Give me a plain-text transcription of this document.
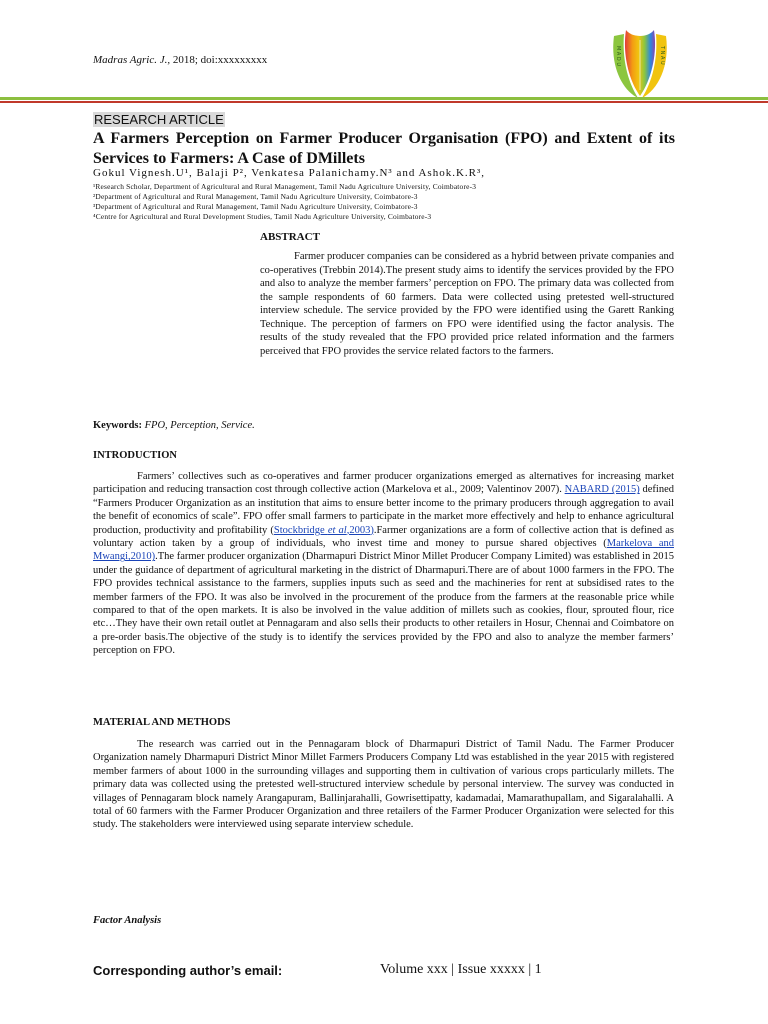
Madras Agric. J., 2018; doi:xxxxxxxxx	M A D U	T N A U
RESEARCH ARTICLE
A Farmers Perception on Farmer Producer Organisation (FPO) and Extent of its Services to Farmers: A Case of DMillets
Gokul Vignesh.U¹, Balaji P², Venkatesa Palanichamy.N³ and Ashok.K.R³,
¹Research Scholar, Department of Agricultural and Rural Management, Tamil Nadu Agriculture University, Coimbatore-3
²Department of Agricultural and Rural Management, Tamil Nadu Agriculture University, Coimbatore-3
³Department of Agricultural and Rural Management, Tamil Nadu Agriculture University, Coimbatore-3
⁴Centre for Agricultural and Rural Development Studies, Tamil Nadu Agriculture University, Coimbatore-3
ABSTRACT
Farmer producer companies can be considered as a hybrid between private companies and co-operatives (Trebbin 2014).The present study aims to identify the services provided by the FPO and also to analyze the member farmers’ perception on FPO. The primary data was collected from the sample respondents of 60 farmers. Data were collected using pretested well-structured interview schedule. The service provided by the FPO were identified using the Garett Ranking Technique. The perception of farmers on FPO were identified using the factor analysis. The results of the study revealed that the FPO provided price related information and the farmers perceived that FPO provides the service related factors to the farmers.
Keywords: FPO, Perception, Service.
INTRODUCTION
Farmers’ collectives such as co-operatives and farmer producer organizations emerged as alternatives for increasing market participation and reducing transaction cost through collective action (Markelova et al., 2009; Valentinov 2007). NABARD (2015) defined “Farmers Producer Organization as an institution that aims to ensure better income to the primary producers through aggregation to avail the benefit of economics of scale”. FPO offer small farmers to participate in the market more effectively and help to enhance agricultural production, productivity and profitability (Stockbridge et al,2003).Farmer organizations are a form of collective action that is defined as voluntary action taken by a group of individuals, who invest time and money to pursue shared objectives (Markelova and Mwangi,2010).The farmer producer organization (Dharmapuri District Minor Millet Producer Company Limited) was established in 2015 under the guidance of department of agricultural marketing in the district of Dharmapuri.There are of about 1000 farmers in the FPO. The FPO provides technical assistance to the farmers, supplies inputs such as seed and the machineries for rent at subsidised rates to the member farmers of the FPO. It was also be involved in the procurement of the produce from the farmers at the reasonable price while compared to that of the open markets. It is also be involved in the value addition of millets such as cookies, flour, sprouted flour, rice etc…They have their own retail outlet at Pennagaram and also sells their products to other retailers in Hosur, Chennai and Coimbatore on a pre-order basis.The objective of the study is to identify the services provided by the FPO and also to analyze the member farmers’ perception on FPO.
MATERIAL AND METHODS
The research was carried out in the Pennagaram block of Dharmapuri District of Tamil Nadu. The Farmer Producer Organization namely Dharmapuri District Minor Millet Farmers Producers Company Ltd was established in the year 2015 with registered member farmers of about 1000 in the surrounding villages and supporting them in cultivation of various crops particularly millets. The primary data was collected using the pretested well-structured interview schedule by personal interview. The survey was conducted in villages of Pennagaram block namely Arangapuram, Ballinjarahalli, Gowrisettipatty, kadamadai, Mamarathupallam, and Sigaralahalli. A total of 60 farmers with the Farmer Producer Organization and three retailers of the Farmer Producer Organization were selected for this study. The stakeholders were interviewed using separate interview schedule.
Factor Analysis
Corresponding author’s email:	Volume xxx | Issue xxxxx | 1
